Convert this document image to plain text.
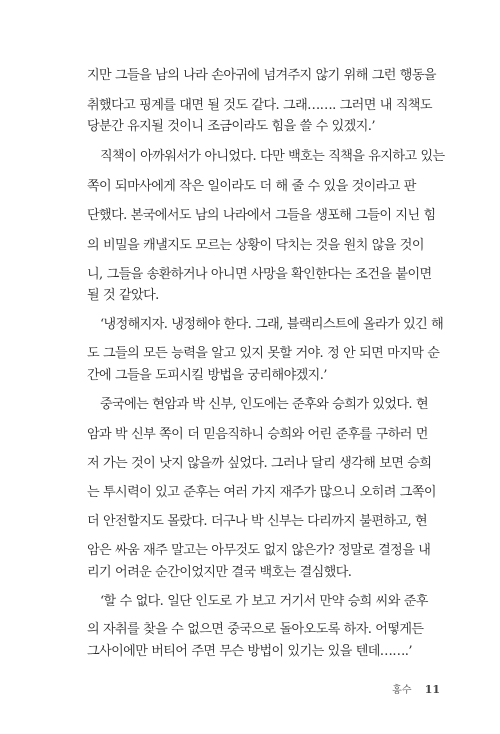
지만 그들을 남의 나라 손아귀에 넘겨주지 않기 위해 그런 행동을
취했다고 핑계를 대면 될 것도 같다. 그래……. 그러면 내 직책도
당분간 유지될 것이니 조금이라도 힘을 쓸 수 있겠지.’
직책이 아까워서가 아니었다. 다만 백호는 직책을 유지하고 있는
쪽이 되마사에게 작은 일이라도 더 해 줄 수 있을 것이라고 판
단했다. 본국에서도 남의 나라에서 그들을 생포해 그들이 지닌 힘
의 비밀을 캐낼지도 모르는 상황이 닥치는 것을 원치 않을 것이
니, 그들을 송환하거나 아니면 사망을 확인한다는 조건을 붙이면
될 것 같았다.
‘냉정해지자. 냉정해야 한다. 그래, 블랙리스트에 올라가 있긴 해
도 그들의 모든 능력을 알고 있지 못할 거야. 정 안 되면 마지막 순
간에 그들을 도피시킬 방법을 궁리해야겠지.’
중국에는 현암과 박 신부, 인도에는 준후와 승희가 있었다. 현
암과 박 신부 쪽이 더 믿음직하니 승희와 어린 준후를 구하러 먼
저 가는 것이 낫지 않을까 싶었다. 그러나 달리 생각해 보면 승희
는 투시력이 있고 준후는 여러 가지 재주가 많으니 오히려 그쪽이
더 안전할지도 몰랐다. 더구나 박 신부는 다리까지 불편하고, 현
암은 싸움 재주 말고는 아무것도 없지 않은가? 정말로 결정을 내
리기 어려운 순간이었지만 결국 백호는 결심했다.
‘할 수 없다. 일단 인도로 가 보고 거기서 만약 승희 씨와 준후
의 자취를 찾을 수 없으면 중국으로 돌아오도록 하자. 어떻게든
그사이에만 버티어 주면 무슨 방법이 있기는 있을 텐데…….’
홍수 11
